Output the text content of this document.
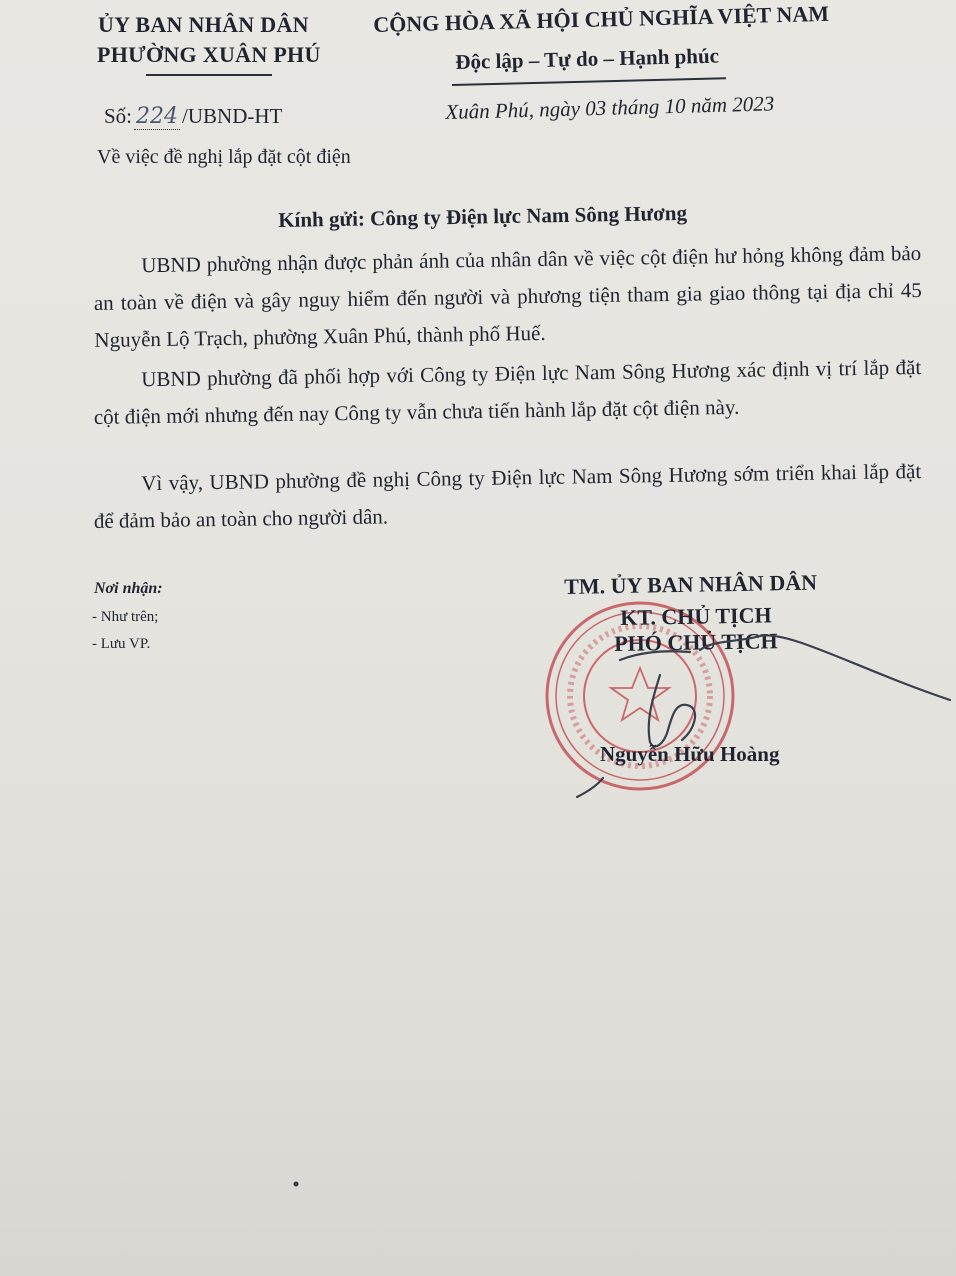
ỦY BAN NHÂN DÂN
PHƯỜNG XUÂN PHÚ
CỘNG HÒA XÃ HỘI CHỦ NGHĨA VIỆT NAM
Độc lập – Tự do – Hạnh phúc
Số: 224 /UBND-HT
Về việc đề nghị lắp đặt cột điện
Xuân Phú, ngày 03 tháng 10 năm 2023
Kính gửi: Công ty Điện lực Nam Sông Hương
UBND phường nhận được phản ánh của nhân dân về việc cột điện hư hỏng không đảm bảo an toàn về điện và gây nguy hiểm đến người và phương tiện tham gia giao thông tại địa chỉ 45 Nguyễn Lộ Trạch, phường Xuân Phú, thành phố Huế.
UBND phường đã phối hợp với Công ty Điện lực Nam Sông Hương xác định vị trí lắp đặt cột điện mới nhưng đến nay Công ty vẫn chưa tiến hành lắp đặt cột điện này.
Vì vậy, UBND phường đề nghị Công ty Điện lực Nam Sông Hương sớm triển khai lắp đặt để đảm bảo an toàn cho người dân.
Nơi nhận:
- Như trên;
- Lưu VP.
TM. ỦY BAN NHÂN DÂN
KT. CHỦ TỊCH
PHÓ CHỦ TỊCH
Nguyễn Hữu Hoàng
